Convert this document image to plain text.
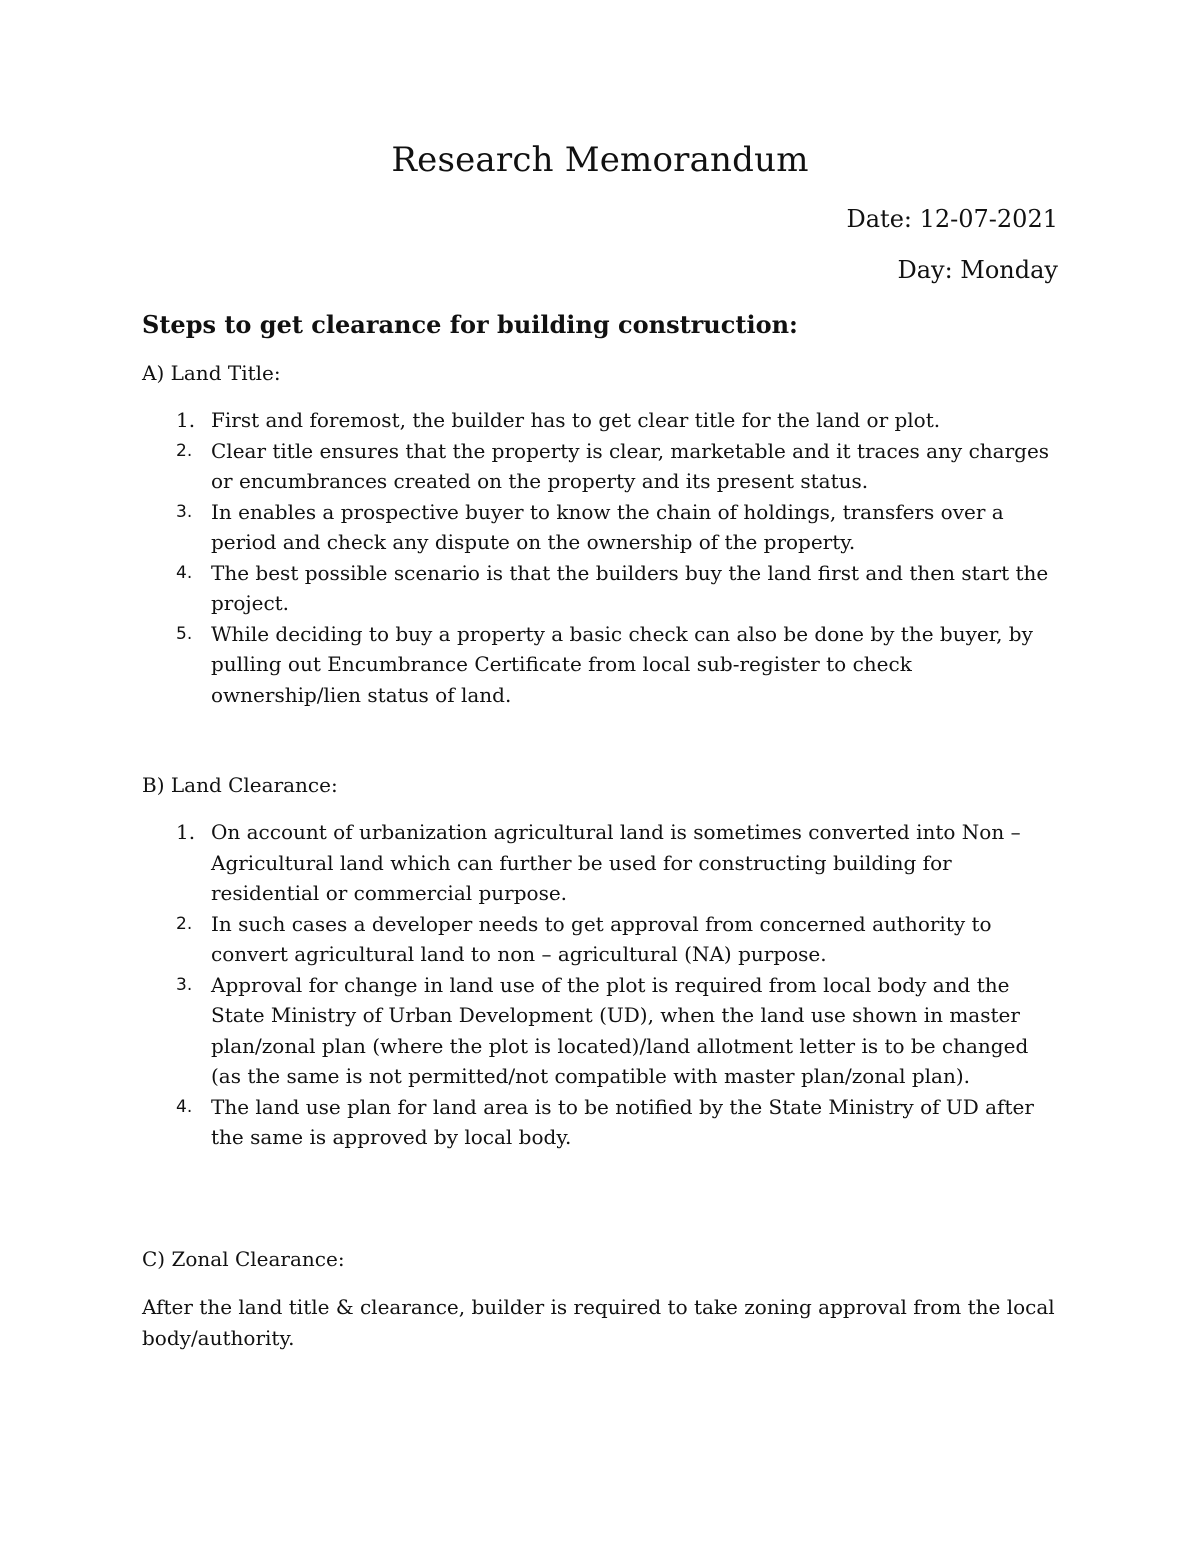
Research Memorandum

Date: 12-07-2021

Day: Monday

Steps to get clearance for building construction:

A) Land Title:

1. First and foremost, the builder has to get clear title for the land or plot.
2. Clear title ensures that the property is clear, marketable and it traces any charges or encumbrances created on the property and its present status.
3. In enables a prospective buyer to know the chain of holdings, transfers over a period and check any dispute on the ownership of the property.
4. The best possible scenario is that the builders buy the land first and then start the project.
5. While deciding to buy a property a basic check can also be done by the buyer, by pulling out Encumbrance Certificate from local sub-register to check ownership/lien status of land.

B) Land Clearance:

1. On account of urbanization agricultural land is sometimes converted into Non – Agricultural land which can further be used for constructing building for residential or commercial purpose.
2. In such cases a developer needs to get approval from concerned authority to convert agricultural land to non – agricultural (NA) purpose.
3. Approval for change in land use of the plot is required from local body and the State Ministry of Urban Development (UD), when the land use shown in master plan/zonal plan (where the plot is located)/land allotment letter is to be changed (as the same is not permitted/not compatible with master plan/zonal plan).
4. The land use plan for land area is to be notified by the State Ministry of UD after the same is approved by local body.

C) Zonal Clearance:

After the land title & clearance, builder is required to take zoning approval from the local body/authority.
